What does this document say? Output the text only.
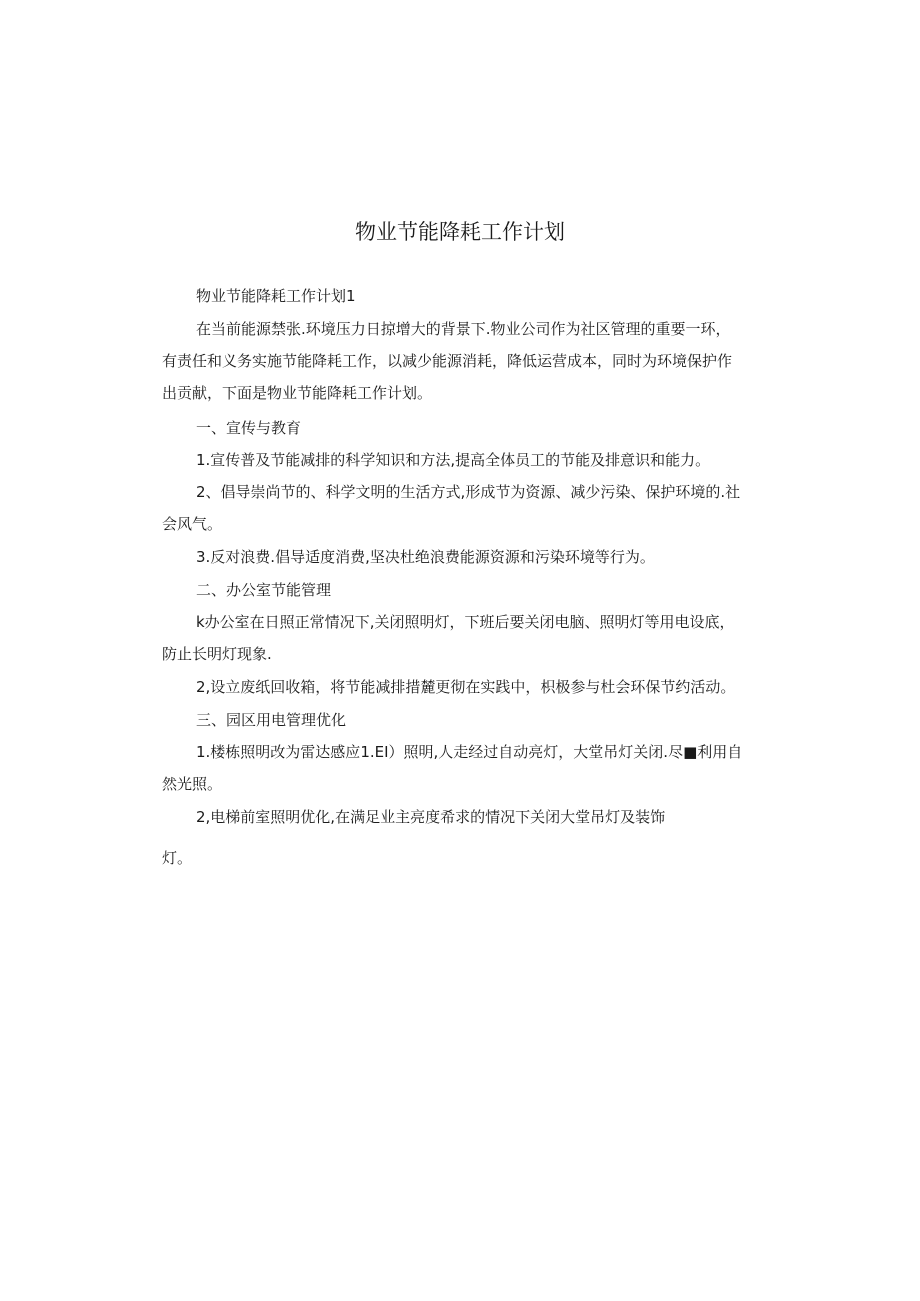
物业节能降耗工作计划

物业节能降耗工作计划1

在当前能源禁张.环境压力日掠增大的背景下.物业公司作为社区管理的重要一环，

有责任和义务实施节能降耗工作，以减少能源消耗，降低运营成本，同时为环境保护作

出贡献，下面是物业节能降耗工作计划。

一、宣传与教育

1.宣传普及节能减排的科学知识和方法,提高全体员工的节能及排意识和能力。

2、倡导崇尚节的、科学文明的生活方式,形成节为资源、减少污染、保护环境的.社

会风气。

3.反对浪费.倡导适度消费,坚决杜绝浪费能源资源和污染环境等行为。

二、办公室节能管理

k办公室在日照正常情况下,关闭照明灯，下班后要关闭电脑、照明灯等用电设底，

防止长明灯现象.

2,设立废纸回收箱，将节能减排措麓更彻在实践中，枳极参与杜会环保节约活动。

三、园区用电管理优化

1.楼栋照明改为雷达感应1.EI）照明,人走经过自动亮灯，大堂吊灯关闭.尽■利用自

然光照。

2,电梯前室照明优化,在满足业主亮度希求的情况下关闭大堂吊灯及装饰

灯。
